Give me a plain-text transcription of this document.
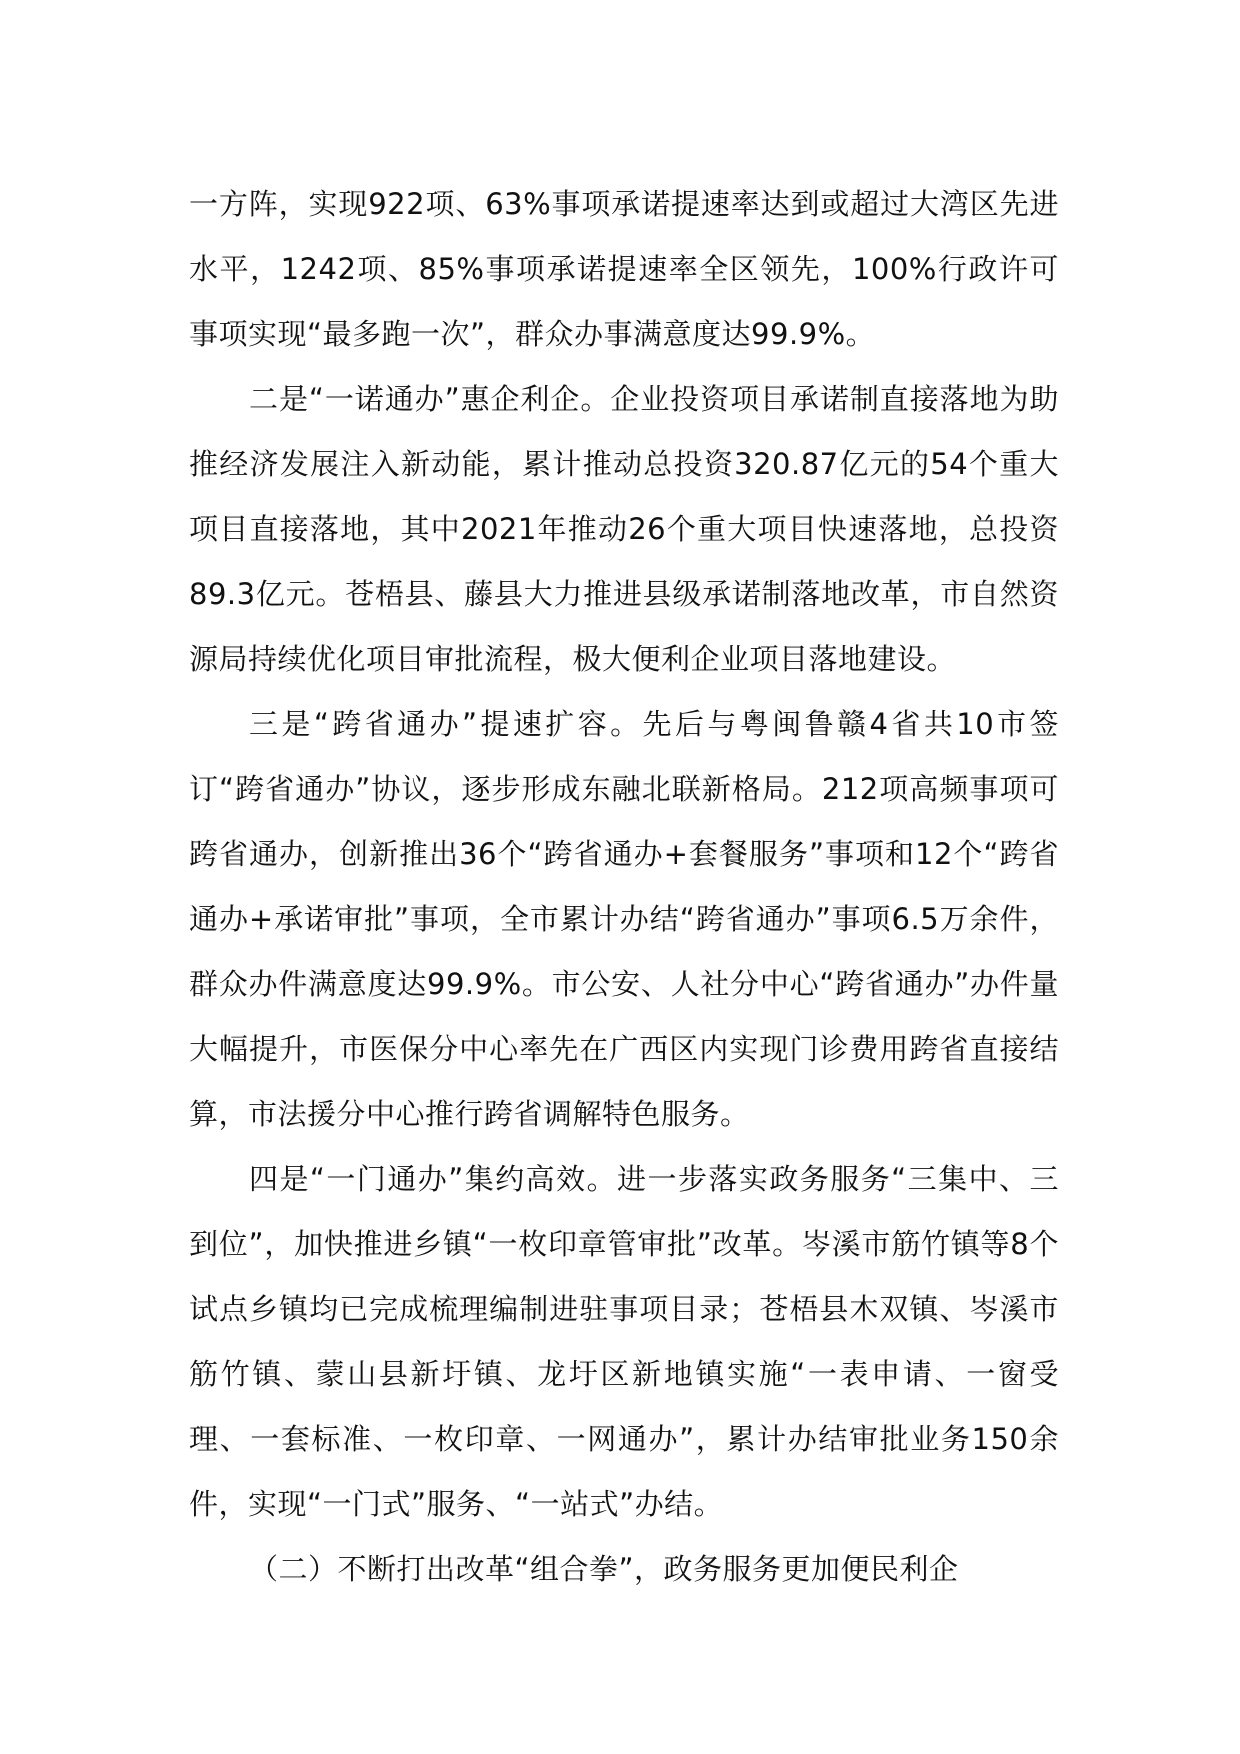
一方阵，实现922项、63%事项承诺提速率达到或超过大湾区先进水平，1242项、85%事项承诺提速率全区领先，100%行政许可事项实现“最多跑一次”，群众办事满意度达99.9%。

二是“一诺通办”惠企利企。企业投资项目承诺制直接落地为助推经济发展注入新动能，累计推动总投资320.87亿元的54个重大项目直接落地，其中2021年推动26个重大项目快速落地，总投资89.3亿元。苍梧县、藤县大力推进县级承诺制落地改革，市自然资源局持续优化项目审批流程，极大便利企业项目落地建设。

三是“跨省通办”提速扩容。先后与粤闽鲁赣4省共10市签订“跨省通办”协议，逐步形成东融北联新格局。212项高频事项可跨省通办，创新推出36个“跨省通办+套餐服务”事项和12个“跨省通办+承诺审批”事项，全市累计办结“跨省通办”事项6.5万余件，群众办件满意度达99.9%。市公安、人社分中心“跨省通办”办件量大幅提升，市医保分中心率先在广西区内实现门诊费用跨省直接结算，市法援分中心推行跨省调解特色服务。

四是“一门通办”集约高效。进一步落实政务服务“三集中、三到位”，加快推进乡镇“一枚印章管审批”改革。岑溪市筋竹镇等8个试点乡镇均已完成梳理编制进驻事项目录；苍梧县木双镇、岑溪市筋竹镇、蒙山县新圩镇、龙圩区新地镇实施“一表申请、一窗受理、一套标准、一枚印章、一网通办”，累计办结审批业务150余件，实现“一门式”服务、“一站式”办结。

（二）不断打出改革“组合拳”，政务服务更加便民利企
